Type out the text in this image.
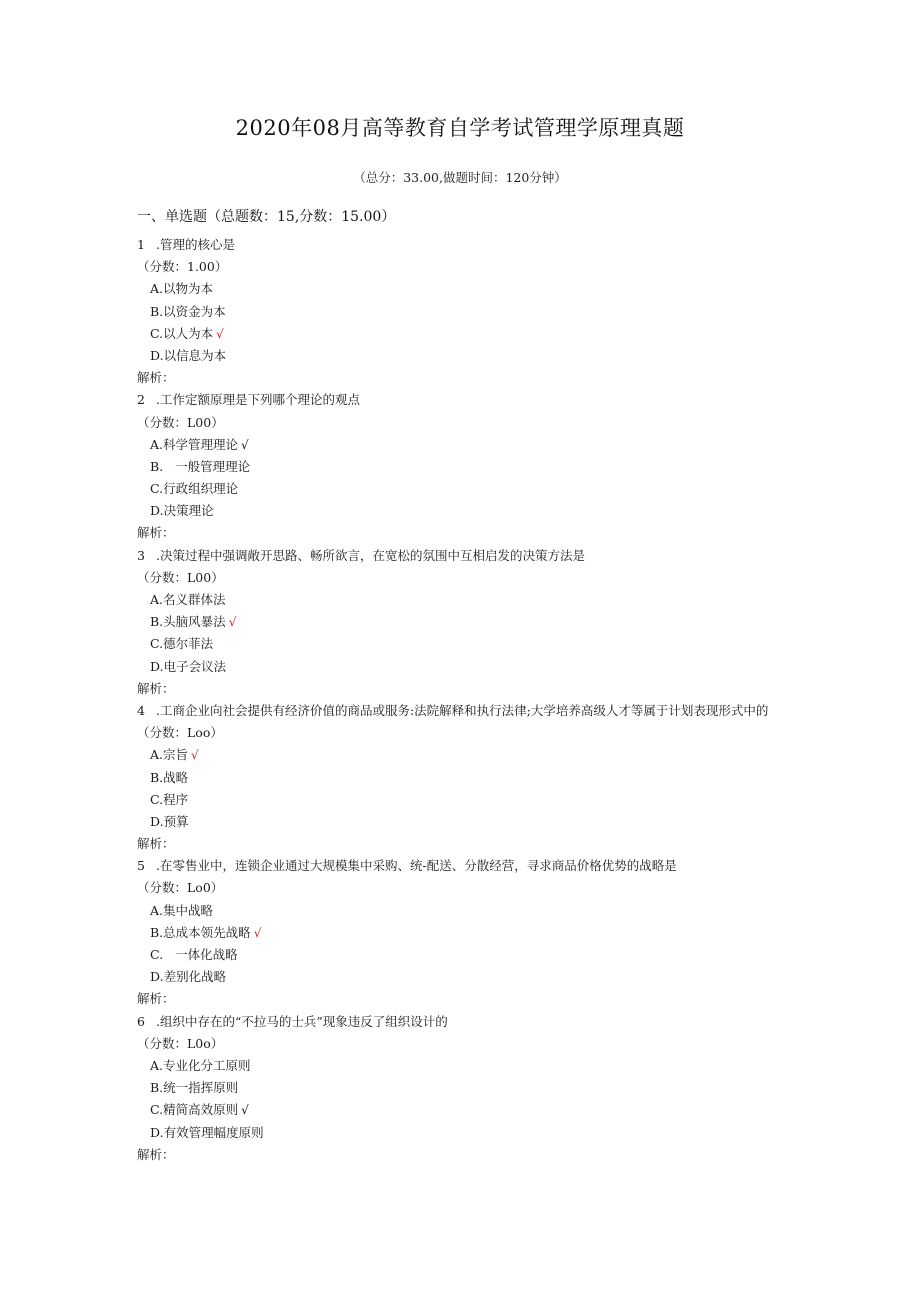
2020年08月高等教育自学考试管理学原理真题
（总分：33.00,做题时间：120分钟）
一、单选题（总题数：15,分数：15.00）
1 .管理的核心是
（分数：1.00）
A.以物为本
B.以资金为本
C.以人为本 √
D.以信息为本
解析：
2 .工作定额原理是下列哪个理论的观点
（分数：L00）
A.科学管理理论 √
B. 一般管理理论
C.行政组织理论
D.决策理论
解析：
3 .决策过程中强调敞开思路、畅所欲言，在宽松的氛围中互相启发的决策方法是
（分数：L00）
A.名义群体法
B.头脑风暴法 √
C.德尔菲法
D.电子会议法
解析：
4 .工商企业向社会提供有经济价值的商品或服务:法院解释和执行法律;大学培养高级人才等属于计划表现形式中的
（分数：Loo）
A.宗旨 √
B.战略
C.程序
D.预算
解析：
5 .在零售业中，连锁企业通过大规模集中采购、统-配送、分散经营，寻求商品价格优势的战略是
（分数：Lo0）
A.集中战略
B.总成本领先战略 √
C. 一体化战略
D.差别化战略
解析：
6 .组织中存在的“不拉马的士兵”现象违反了组织设计的
（分数：L0o）
A.专业化分工原则
B.统一指挥原则
C.精简高效原则 √
D.有效管理幅度原则
解析：
